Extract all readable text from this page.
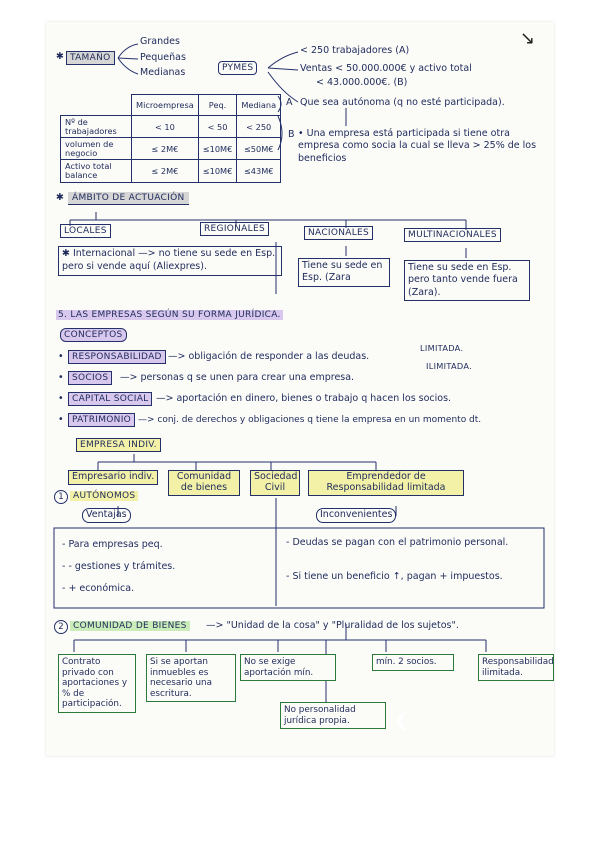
✱ TAMAÑO
Grandes
Pequeñas
Medianas	PYMES
< 250 trabajadores (A)
Ventas < 50.000.000€ y activo total
< 43.000.000€. (B)
Que sea autónoma (q no esté participada).
• Una empresa está participada si tiene otra empresa como socia la cual se lleva > 25% de los beneficios
	Microempresa	Peq.	Mediana
Nº de trabajadores	< 10	< 50	< 250
volumen de negocio	≤ 2M€	≤10M€	≤50M€
Activo total balance	≤ 2M€	≤10M€	≤43M€
A
B
✱ ÁMBITO DE ACTUACIÓN
LOCALES	REGIONALES	NACIONALES	MULTINACIONALES
✱ Internacional —> no tiene su sede en Esp. pero si vende aquí (Aliexpres).	Tiene su sede en Esp. (Zara
Tiene su sede en Esp. pero tanto vende fuera (Zara).
5. LAS EMPRESAS SEGÚN SU FORMA JURÍDICA.
CONCEPTOS
• RESPONSABILIDAD —> obligación de responder a las deudas.
LIMITADA.
ILIMITADA.
• SOCIOS	—> personas q se unen para crear una empresa.
• CAPITAL SOCIAL —> aportación en dinero, bienes o trabajo q hacen los socios.
• PATRIMONIO —> conj. de derechos y obligaciones q tiene la empresa en un momento dt.
EMPRESA INDIV.
Empresario indiv.	Comunidad de bienes
Sociedad Civil
Emprendedor de Responsabilidad limitada
1	AUTÓNOMOS
Ventajas	Inconvenientes
- Para empresas peq.
- - gestiones y trámites.
- + económica.
- Deudas se pagan con el patrimonio personal.
- Si tiene un beneficio ↑, pagan + impuestos.
2	COMUNIDAD DE BIENES	—> "Unidad de la cosa" y "Pluralidad de los sujetos".
Contrato privado con aportaciones y % de participación.
Si se aportan inmuebles es necesario una escritura.
No se exige aportación mín.
No personalidad jurídica propia.
mín. 2 socios.	Responsabilidad ilimitada.
↘
❮
